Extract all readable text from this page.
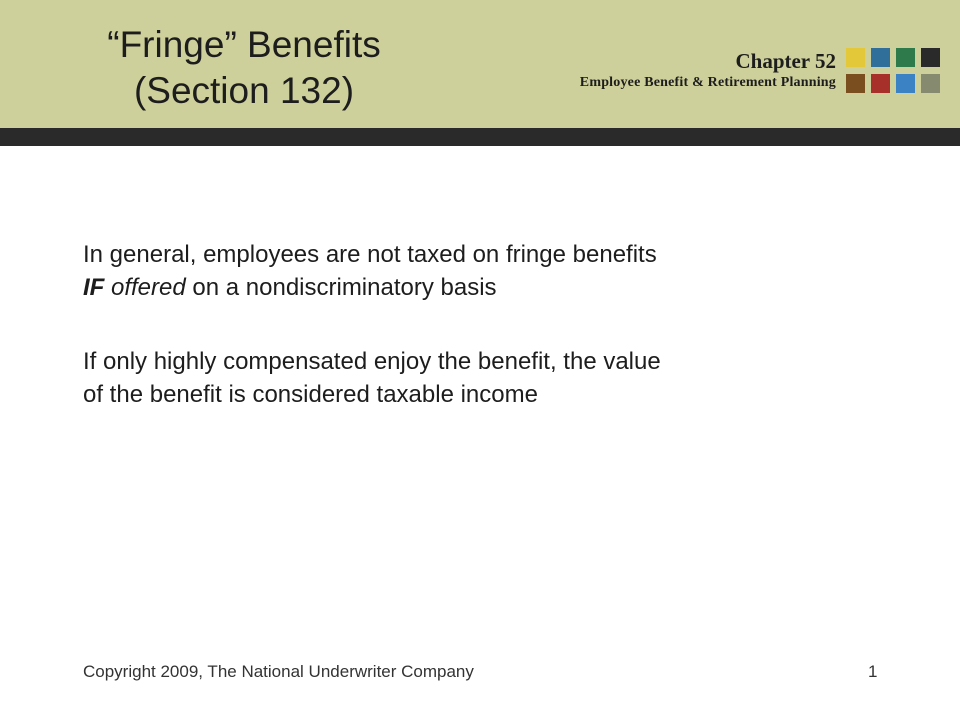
“Fringe” Benefits
(Section 132)
Chapter 52
Employee Benefit & Retirement Planning

In general, employees are not taxed on fringe benefits
IF offered on a nondiscriminatory basis

If only highly compensated enjoy the benefit, the value
of the benefit is considered taxable income

Copyright 2009, The National Underwriter Company	1
